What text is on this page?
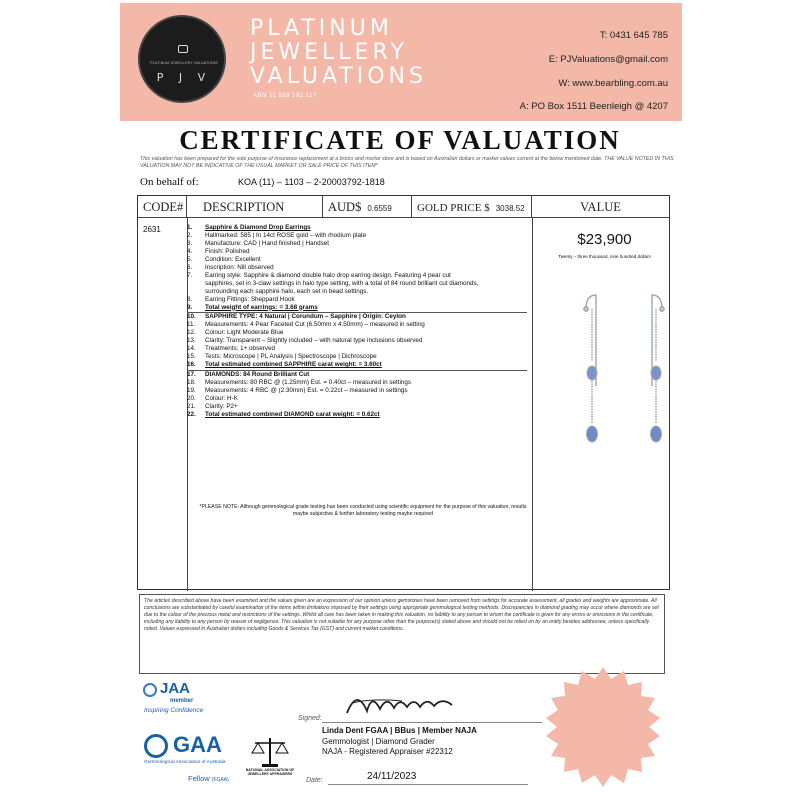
PLATINUM JEWELLERY VALUATIONS
P J V
PLATINUM
JEWELLERY
VALUATIONS
ABN 11 588 192 117
T: 0431 645 785
E: PJValuations@gmail.com
W: www.bearbling.com.au
A: PO Box 1511 Beenleigh @ 4207
CERTIFICATE OF VALUATION
This valuation has been prepared for the sole purpose of insurance replacement at a bricks and mortar store and is based on Australian dollars or market values current at the below mentioned date. THE VALUE NOTED IN THIS VALUATION MAY NOT BE INDICATIVE OF THE USUAL MARKET OR SALE PRICE OF THIS ITEM*
On behalf of:	KOA (11) – 1103 – 2-20003792-1818
CODE#	DESCRIPTION	AUD$ 0.6559	GOLD PRICE $ 3038.52	VALUE
2631	1.	Sapphire & Diamond Drop Earrings
2.	Hallmarked: 585 | In 14ct ROSE gold – with rhodium plate
3.	Manufacture: CAD | Hand finished | Handset
4.	Finish: Polished
5.	Condition: Excellent
6.	Inscription: Nill observed
7.	Earring style: Sapphire & diamond double halo drop earring design. Featuring 4 pear cut
sapphires, set in 3-claw settings in halo type setting, with a total of 84 round brilliant cut diamonds,
surrounding each sapphire halo, each set in bead settings.
8.	Earring Fittings: Sheppard Hook
9.	Total weight of earrings: = 3.68 grams
10.	SAPPHIRE TYPE: 4 Natural | Corundum – Sapphire | Origin: Ceylon
11.	Measurements: 4 Pear Faceted Cut (6.50mm x 4.50mm) – measured in setting
12.	Colour: Light Moderate Blue
13.	Clarity: Transparent – Slightly included – with natural type inclusions observed
14.	Treatments: 1+ observed
15.	Tests: Microscope | PL Analysis | Spectroscope | Dichroscope
16.	Total estimated combined SAPPHIRE carat weight: = 3.60ct
17.	DIAMONDS: 84 Round Brilliant Cut
18.	Measurements: 80 RBC @ (1.25mm) Est. = 0.40ct – measured in settings
19.	Measurements: 4 RBC @ (2.30mm) Est. = 0.22ct – measured in settings
20.	Colour: H-K
21.	Clarity: P2+
22.	Total estimated combined DIAMOND carat weight: = 0.62ct
*PLEASE NOTE: Although gemmological grade testing has been conducted using scientific equipment for the purpose of this valuation, results maybe subjective & further laboratory testing maybe required
$23,900
Twenty – three thousand, nine hundred dollars
The articles described above have been examined and the values given are an expression of our opinion unless gemstones have been removed from settings for accurate assessment, all grades and weights are approximate. All conclusions are substantiated by careful examination of the items within limitations imposed by their settings using appropriate gemmological testing methods. Discrepancies in diamond grading may occur where diamonds are set due to the colour of the precious metal and restrictions of the settings. Whilst all care has been taken in making this valuation, no liability to any person to whom the certificate is given for any errors or omissions in the certificate, including any liability to any person by reason of negligence. This valuation is not suitable for any purpose other than the purpose(s) stated above and should not be relied on by an entity besides addressee, unless specifically noted. Values expressed in Australian dollars including Goods & Services Tax (GST) and current market conditions.
JAA
member
Inspiring Confidence
GAA
Gemmological Association of Australia
Fellow (FGAA)
NATIONAL ASSOCIATION OF JEWELLERY APPRAISERS
Signed:
Linda Dent FGAA | BBus | Member NAJA
Gemmologist | Diamond Grader
NAJA - Registered Appraiser #22312
Date:	24/11/2023
